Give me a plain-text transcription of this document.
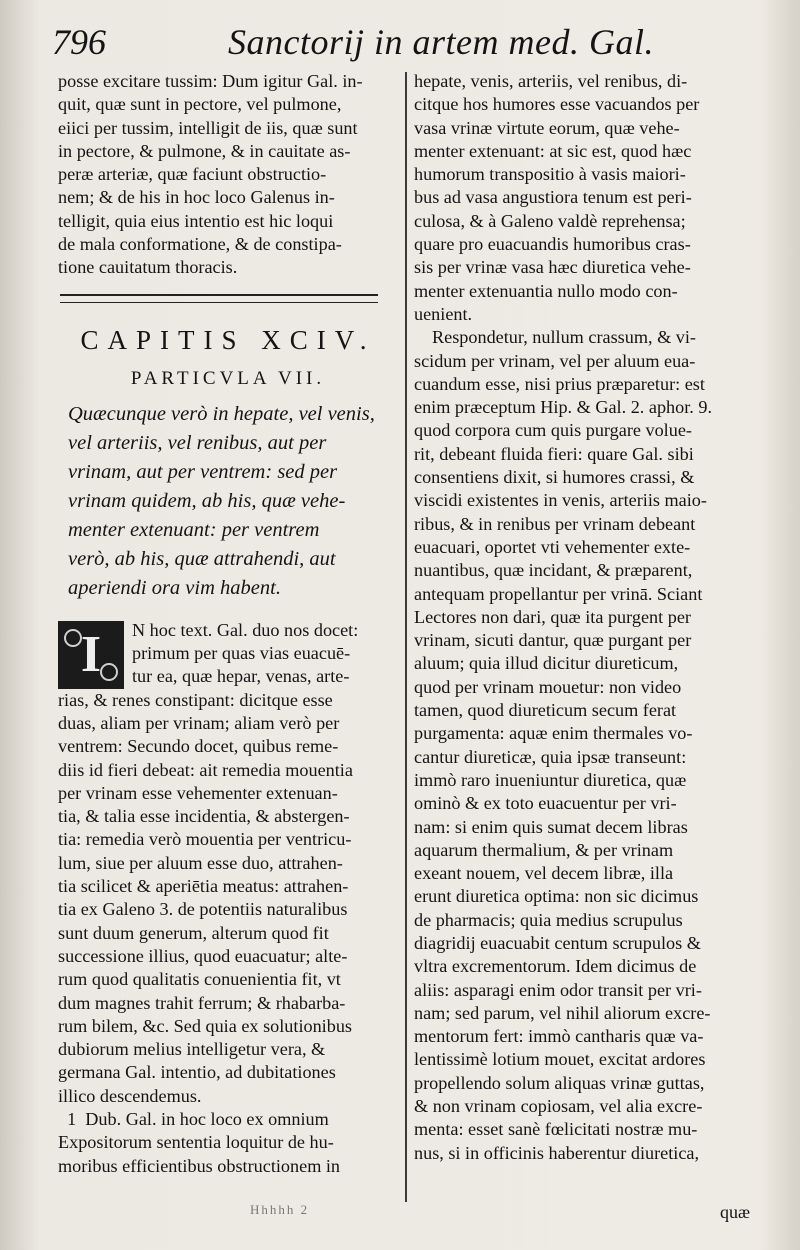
796	Sanctorij in artem med. Gal.
posse excitare tussim: Dum igitur Gal. in-
quit, quæ sunt in pectore, vel pulmone,
eiici per tussim, intelligit de iis, quæ sunt
in pectore, & pulmone, & in cauitate as-
peræ arteriæ, quæ faciunt obstructio-
nem; & de his in hoc loco Galenus in-
telligit, quia eius intentio est hic loqui
de mala conformatione, & de constipa-
tione cauitatum thoracis.
CAPITIS XCIV.
PARTICVLA VII.
Quæcunque verò in hepate, vel venis,
vel arteriis, vel renibus, aut per
vrinam, aut per ventrem: sed per
vrinam quidem, ab his, quæ vehe-
menter extenuant: per ventrem
verò, ab his, quæ attrahendi, aut
aperiendi ora vim habent.
I	N hoc text. Gal. duo nos docet:
primum per quas vias euacuē-
tur ea, quæ hepar, venas, arte-
rias, & renes constipant: dicitque esse
duas, aliam per vrinam; aliam verò per
ventrem: Secundo docet, quibus reme-
diis id fieri debeat: ait remedia mouentia
per vrinam esse vehementer extenuan-
tia, & talia esse incidentia, & abstergen-
tia: remedia verò mouentia per ventricu-
lum, siue per aluum esse duo, attrahen-
tia scilicet & aperiētia meatus: attrahen-
tia ex Galeno 3. de potentiis naturalibus
sunt duum generum, alterum quod fit
successione illius, quod euacuatur; alte-
rum quod qualitatis conuenientia fit, vt
dum magnes trahit ferrum; & rhabarba-
rum bilem, &c. Sed quia ex solutionibus
dubiorum melius intelligetur vera, &
germana Gal. intentio, ad dubitationes
illico descendemus.
1 Dub. Gal. in hoc loco ex omnium
Expositorum sententia loquitur de hu-
moribus efficientibus obstructionem in
hepate, venis, arteriis, vel renibus, di-
citque hos humores esse vacuandos per
vasa vrinæ virtute eorum, quæ vehe-
menter extenuant: at sic est, quod hæc
humorum transpositio à vasis maiori-
bus ad vasa angustiora tenum est peri-
culosa, & à Galeno valdè reprehensa;
quare pro euacuandis humoribus cras-
sis per vrinæ vasa hæc diuretica vehe-
menter extenuantia nullo modo con-
uenient.
Respondetur, nullum crassum, & vi-
scidum per vrinam, vel per aluum eua-
cuandum esse, nisi prius præparetur: est
enim præceptum Hip. & Gal. 2. aphor. 9.
quod corpora cum quis purgare volue-
rit, debeant fluida fieri: quare Gal. sibi
consentiens dixit, si humores crassi, &
viscidi existentes in venis, arteriis maio-
ribus, & in renibus per vrinam debeant
euacuari, oportet vti vehementer exte-
nuantibus, quæ incidant, & præparent,
antequam propellantur per vrinā. Sciant
Lectores non dari, quæ ita purgent per
vrinam, sicuti dantur, quæ purgant per
aluum; quia illud dicitur diureticum,
quod per vrinam mouetur: non video
tamen, quod diureticum secum ferat
purgamenta: aquæ enim thermales vo-
cantur diureticæ, quia ipsæ transeunt:
immò raro inueniuntur diuretica, quæ
ominò & ex toto euacuentur per vri-
nam: si enim quis sumat decem libras
aquarum thermalium, & per vrinam
exeant nouem, vel decem libræ, illa
erunt diuretica optima: non sic dicimus
de pharmacis; quia medius scrupulus
diagridij euacuabit centum scrupulos &
vltra excrementorum. Idem dicimus de
aliis: asparagi enim odor transit per vri-
nam; sed parum, vel nihil aliorum excre-
mentorum fert: immò cantharis quæ va-
lentissimè lotium mouet, excitat ardores
propellendo solum aliquas vrinæ guttas,
& non vrinam copiosam, vel alia excre-
menta: esset sanè fœlicitati nostræ mu-
nus, si in officinis haberentur diuretica,
Hhhhh 2	quæ
